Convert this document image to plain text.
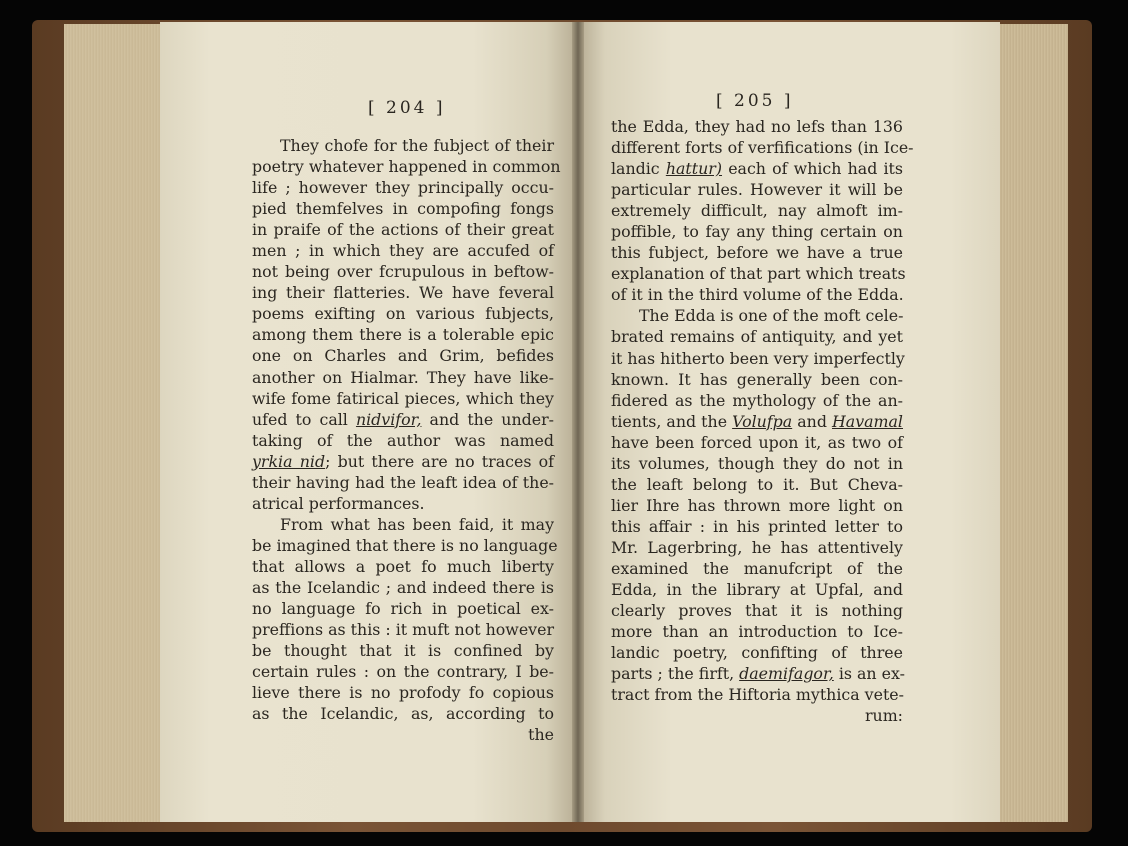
[ 204 ]
They chofe for the fubject of their
poetry whatever happened in common
life ; however they principally occu-
pied themfelves in compofing fongs
in praife of the actions of their great
men ; in which they are accufed of
not being over fcrupulous in beftow-
ing their flatteries. We have feveral
poems exifting on various fubjects,
among them there is a tolerable epic
one on Charles and Grim, befides
another on Hialmar. They have like-
wife fome fatirical pieces, which they
ufed to call nidvifor, and the under-
taking of the author was named
yrkia nid; but there are no traces of
their having had the leaft idea of the-
atrical performances.
From what has been faid, it may
be imagined that there is no language
that allows a poet fo much liberty
as the Icelandic ; and indeed there is
no language fo rich in poetical ex-
preffions as this : it muft not however
be thought that it is confined by
certain rules : on the contrary, I be-
lieve there is no profody fo copious
as the Icelandic, as, according to
the
[ 205 ]
the Edda, they had no lefs than 136
different forts of verfifications (in Ice-
landic hattur) each of which had its
particular rules. However it will be
extremely difficult, nay almoft im-
poffible, to fay any thing certain on
this fubject, before we have a true
explanation of that part which treats
of it in the third volume of the Edda.
The Edda is one of the moft cele-
brated remains of antiquity, and yet
it has hitherto been very imperfectly
known. It has generally been con-
fidered as the mythology of the an-
tients, and the Volufpa and Havamal
have been forced upon it, as two of
its volumes, though they do not in
the leaft belong to it. But Cheva-
lier Ihre has thrown more light on
this affair : in his printed letter to
Mr. Lagerbring, he has attentively
examined the manufcript of the
Edda, in the library at Upfal, and
clearly proves that it is nothing
more than an introduction to Ice-
landic poetry, confifting of three
parts ; the firft, daemifagor, is an ex-
tract from the Hiftoria mythica vete-
rum:
